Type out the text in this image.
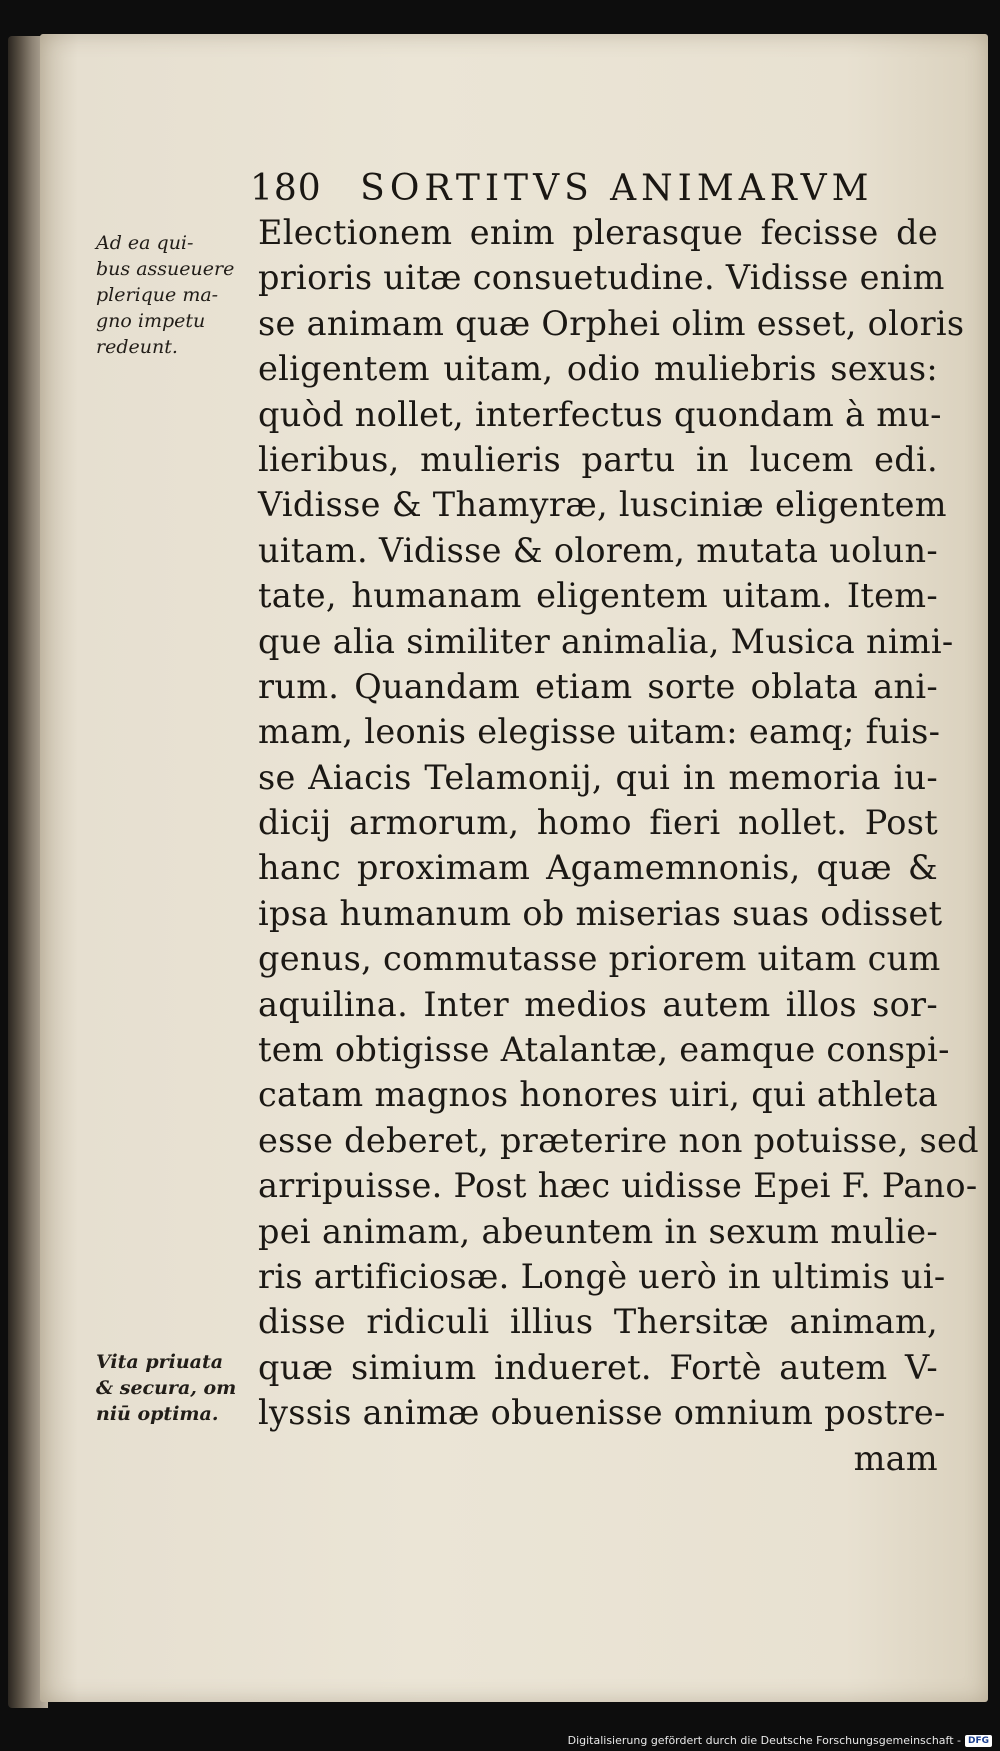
180 SORTITVS ANIMARVM
Ad ea qui-
bus assueuere
plerique ma-
gno impetu
redeunt.
Vita priuata
& secura, om
niū optima.
Electionem enim plerasque fecisse de
prioris uitæ consuetudine. Vidisse enim
se animam quæ Orphei olim esset, oloris
eligentem uitam, odio muliebris sexus:
quòd nollet, interfectus quondam à mu-
lieribus, mulieris partu in lucem edi.
Vidisse & Thamyræ, lusciniæ eligentem
uitam. Vidisse & olorem, mutata uolun-
tate, humanam eligentem uitam. Item-
que alia similiter animalia, Musica nimi-
rum. Quandam etiam sorte oblata ani-
mam, leonis elegisse uitam: eamq; fuis-
se Aiacis Telamonij, qui in memoria iu-
dicij armorum, homo fieri nollet. Post
hanc proximam Agamemnonis, quæ &
ipsa humanum ob miserias suas odisset
genus, commutasse priorem uitam cum
aquilina. Inter medios autem illos sor-
tem obtigisse Atalantæ, eamque conspi-
catam magnos honores uiri, qui athleta
esse deberet, præterire non potuisse, sed
arripuisse. Post hæc uidisse Epei F. Pano-
pei animam, abeuntem in sexum mulie-
ris artificiosæ. Longè uerò in ultimis ui-
disse ridiculi illius Thersitæ animam,
quæ simium indueret. Fortè autem V-
lyssis animæ obuenisse omnium postre-
mam
Digitalisierung gefördert durch die Deutsche Forschungsgemeinschaft - DFG
